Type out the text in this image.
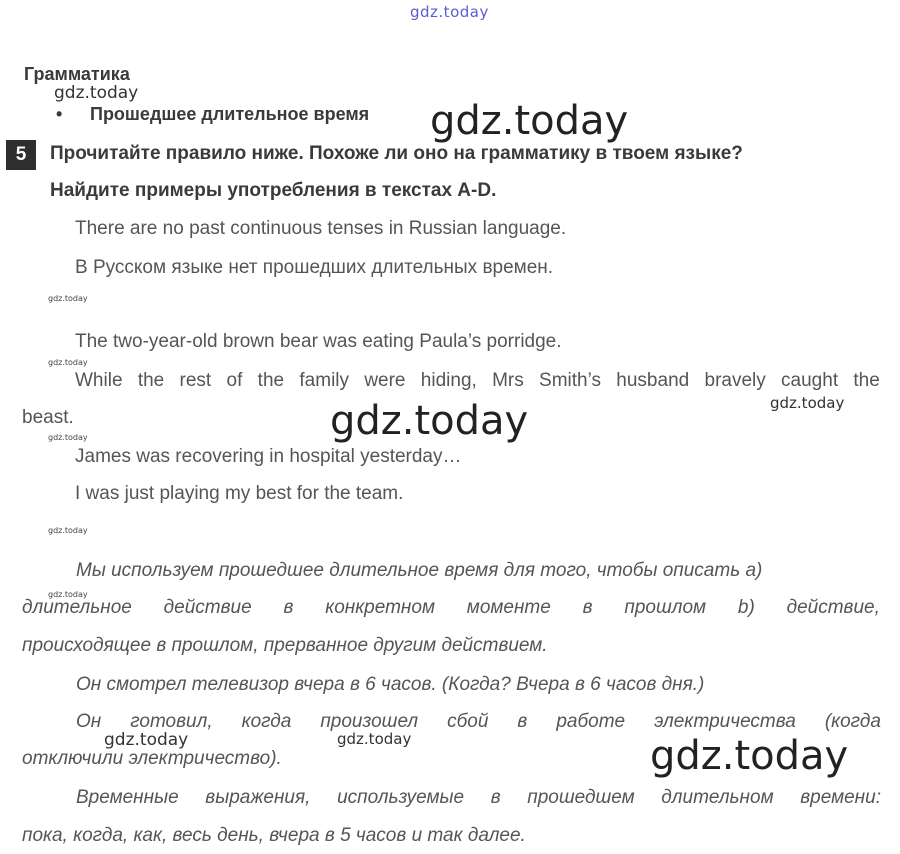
gdz.today
gdz.today
gdz.today
gdz.today
gdz.today
gdz.today
gdz.today
gdz.today
gdz.today
gdz.today
gdz.today	gdz.today	gdz.today
Грамматика
• Прошедшее длительное время
5	Прочитайте правило ниже. Похоже ли оно на грамматику в твоем языке?
Найдите примеры употребления в текстах A-D.
There are no past continuous tenses in Russian language.
В Русском языке нет прошедших длительных времен.
The two-year-old brown bear was eating Paula’s porridge.
While the rest of the family were hiding, Mrs Smith’s husband bravely caught the
beast.
James was recovering in hospital yesterday…
I was just playing my best for the team.
Мы используем прошедшее длительное время для того, чтобы описать a)
длительное действие в конкретном моменте в прошлом b) действие,
происходящее в прошлом, прерванное другим действием.
Он смотрел телевизор вчера в 6 часов. (Когда? Вчера в 6 часов дня.)
Он готовил, когда произошел сбой в работе электричества (когда
отключили электричество).
Временные выражения, используемые в прошедшем длительном времени:
пока, когда, как, весь день, вчера в 5 часов и так далее.
